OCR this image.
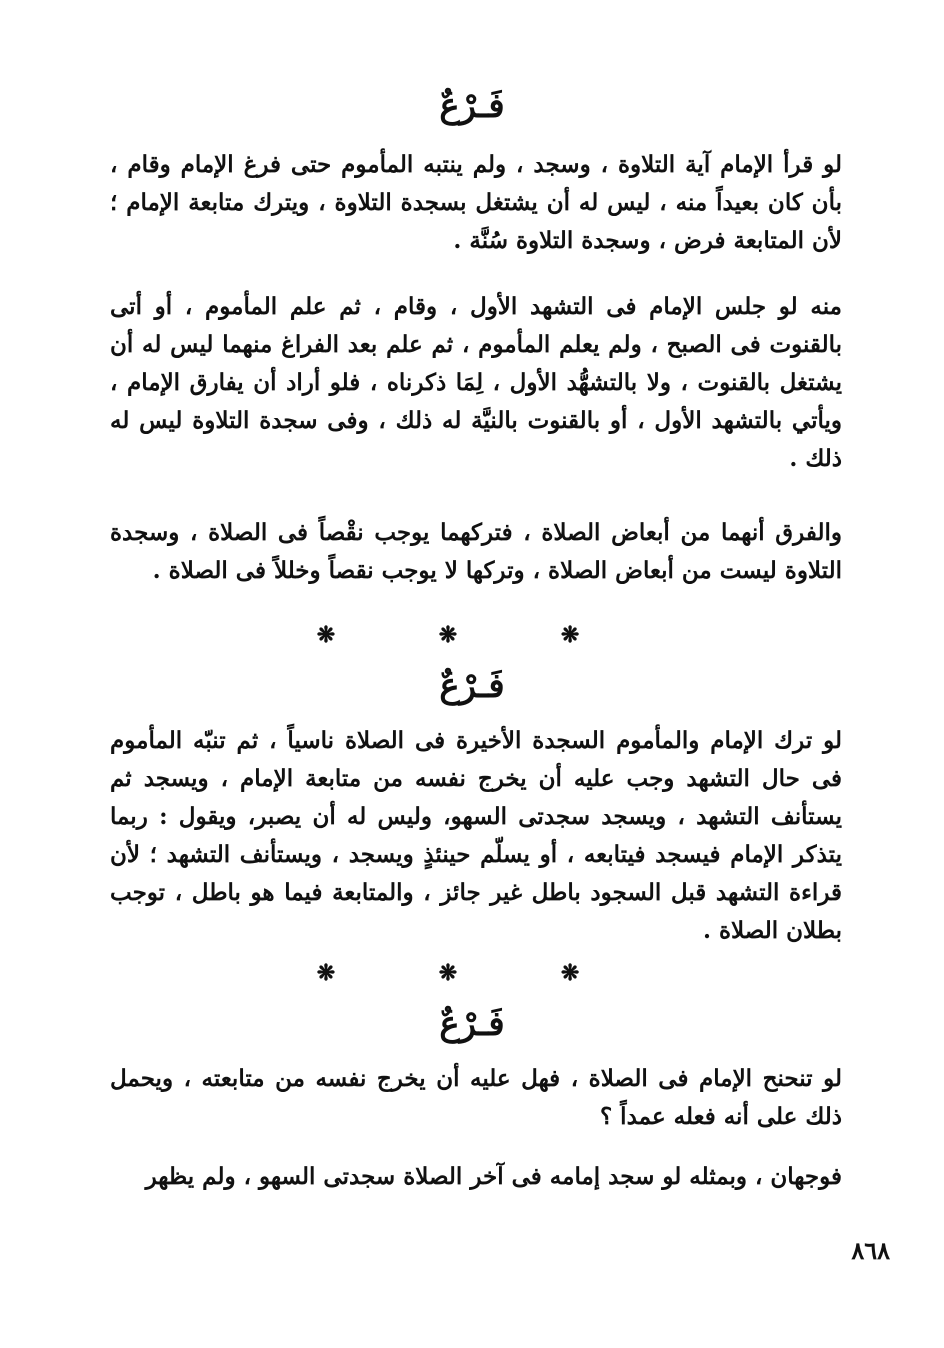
فَـرْعٌ

لو قرأ الإمام آية التلاوة ، وسجد ، ولم ينتبه المأموم حتى فرغ الإمام وقام ، بأن كان بعيداً منه ، ليس له أن يشتغل بسجدة التلاوة ، ويترك متابعة الإمام ؛ لأن المتابعة فرض ، وسجدة التلاوة سُنَّة .

منه لو جلس الإمام فى التشهد الأول ، وقام ، ثم علم المأموم ، أو أتى بالقنوت فى الصبح ، ولم يعلم المأموم ، ثم علم بعد الفراغ منهما ليس له أن يشتغل بالقنوت ، ولا بالتشهُّد الأول ، لِمَا ذكرناه ، فلو أراد أن يفارق الإمام ، ويأتي بالتشهد الأول ، أو بالقنوت بالنيَّة له ذلك ، وفى سجدة التلاوة ليس له ذلك .

والفرق أنهما من أبعاض الصلاة ، فتركهما يوجب نقْصاً فى الصلاة ، وسجدة التلاوة ليست من أبعاض الصلاة ، وتركها لا يوجب نقصاً وخللاً فى الصلاة .

❋ ❋ ❋
فَـرْعٌ

لو ترك الإمام والمأموم السجدة الأخيرة فى الصلاة ناسياً ، ثم تنبّه المأموم فى حال التشهد وجب عليه أن يخرج نفسه من متابعة الإمام ، ويسجد ثم يستأنف التشهد ، ويسجد سجدتى السهو، وليس له أن يصبر، ويقول : ربما يتذكر الإمام فيسجد فيتابعه ، أو يسلّم حينئذٍ ويسجد ، ويستأنف التشهد ؛ لأن قراءة التشهد قبل السجود باطل غير جائز ، والمتابعة فيما هو باطل ، توجب بطلان الصلاة .

❋ ❋ ❋
فَـرْعٌ

لو تنحنح الإمام فى الصلاة ، فهل عليه أن يخرج نفسه من متابعته ، ويحمل ذلك على أنه فعله عمداً ؟

فوجهان ، وبمثله لو سجد إمامه فى آخر الصلاة سجدتى السهو ، ولم يظهر

٨٦٨
